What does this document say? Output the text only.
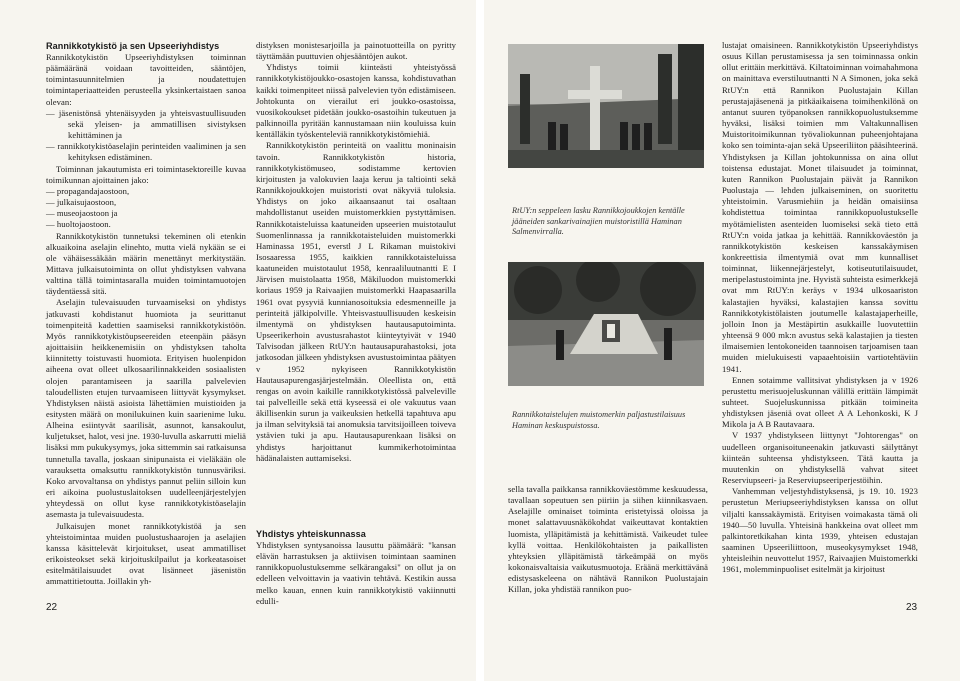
Rannikkotykistö ja sen Upseeriyhdistys

Rannikkotykistön Upseeriyhdistyksen toiminnan päämääränä voidaan tavoitteiden, sääntöjen, toimintasuunnitelmien ja noudatettujen toimintaperiaatteiden perusteella yksinkertaistaen sanoa olevan:

— jäsenistönsä yhtenäisyyden ja yhteisvastuullisuuden sekä yleisen- ja ammatillisen sivistyksen kehittäminen ja
— rannikkotykistöaselajin perinteiden vaaliminen ja sen kehityksen edistäminen.

Toiminnan jakautumista eri toimintasektoreille kuvaa toimikunnan ajoittainen jako:

— propagandajaostoon,
— julkaisujaostoon,
— museojaostoon ja
— huoltojaostoon.

Rannikkotykistön tunnetuksi tekeminen oli etenkin alkuaikoina aselajin elinehto, mutta vielä nykään se ei ole vähäisessäkään määrin menettänyt merkitystään. Mittava julkaisutoiminta on ollut yhdistyksen vahvana valttina tällä toimintasaralla muiden toimintamuotojen täydentäessä sitä.

Aselajin tulevaisuuden turvaamiseksi on yhdistys jatkuvasti kohdistanut huomiota ja seurittanut toimenpiteitä kadettien saamiseksi rannikkotykistöön. Myös rannikkotykistöupseereiden eteenpäin pääsyn ajoittaisiin heikkenemisiin on yhdistyksen taholta kiinnitetty toistuvasti huomiota. Erityisen huolenpidon aiheena ovat olleet ulkosaarilinnakkeiden sosiaalisten olojen parantamiseen ja saarilla palvelevien taloudellisten etujen turvaamiseen liittyvät kysymykset. Yhdistyksen näistä asioista lähettämien muistioiden ja esitysten määrä on monilukuinen kuin saarienime luku. Alheina esiintyvät saarilisät, asunnot, kansakoulut, kuljetukset, halot, vesi jne. 1930-luvulla askarrutti mieliä lisäksi mm pukukysymys, joka sittemmin sai ratkaisunsa tunnetulla tavalla, joskaan sinipunaista ei vieläkään ole varauksetta omaksuttu rannikkotykistön tunnusväriksi. Koko arvovaltansa on yhdistys pannut peliin silloin kun eri aikoina puolustuslaitoksen uudelleenjärjestelyjen yhteydessä on ollut kyse rannikkotykistöaselajin asemasta ja tulevaisuudesta.

Julkaisujen monet rannikkotykistöä ja sen yhteistoimintaa muiden puolustushaarojen ja aselajien kanssa käsittelevät kirjoitukset, useat ammatilliset erikoisteokset sekä kirjoituskilpailut ja korkeatasoiset esitelmätilaisuudet ovat lisänneet jäsenistön ammattitietoutta. Joillakin yh-

distyksen monistesarjoilla ja painotuotteilla on pyritty täyttämään puuttuvien ohjesääntöjen aukot.

Yhdistys toimii kiinteästi yhteistyössä rannikkotykistöjoukko-osastojen kanssa, kohdistuvathan kaikki toimenpiteet niissä palvelevien työn edistämiseen. Johtokunta on vierailut eri joukko-osastoissa, vuosikokoukset pidetään joukko-osastoihin tukeutuen ja palkinnoilla pyritään kannustamaan niin kouluissa kuin kentälläkin työskenteleviä rannikkotykistömiehiä.

Rannikkotykistön perinteitä on vaalittu moninaisin tavoin. Rannikkotykistön historia, rannikkotykistömuseo, sodistamme kertovien kirjoitusten ja valokuvien laaja keruu ja taltiointi sekä Rannikkojoukkojen muistoristi ovat näkyviä tuloksia. Yhdistys on joko aikaansaanut tai osaltaan mahdollistanut useiden muistomerkkien pystyttämisen. Rannikkotaisteluissa kaatuneiden upseerien muistotaulut Suomenlinnassa ja rannikkotaisteluiden muistomerkki Haminassa 1951, everstl J L Rikaman muistokivi Isosaaressa 1955, kaikkien rannikkotaisteluissa kaatuneiden muistotaulut 1958, kenraaliluutnantti E I Järvisen muistolaatta 1958, Mäkiluodon muistomerkki koriaus 1959 ja Raivaajien muistomerkki Haapasaarilla 1961 ovat pysyviä kunnianosoituksia edesmenneille ja perinteitä jälkipolville. Yhteisvastuullisuuden keskeisin ilmentymä on yhdistyksen hautausaputoiminta. Upseerikerhoin avustusrahastot kiinteytyivät v 1940 Talvisodan jälkeen RtUY:n hautausapurahastoksi, jota jatkosodan jälkeen yhdistyksen avustustoimintaa päätyen v 1952 nykyiseen Rannikkotykistön Hautausapurengasjärjestelmään. Oleellista on, että rengas on avoin kaikille rannikkotykistössä palveleville tai palvelleille sekä että kyseessä ei ole vakuutus vaan äkillisenkin surun ja vaikeuksien hetkellä tapahtuva apu ja ilman selvityksiä tai anomuksia tarvitsijoilleen toiveva ystävien tuki ja apu. Hautausapurenkaan lisäksi on yhdistys harjoittanut kummikerhotoimintaa hädänalaisten auttamiseksi.

Yhdistys yhteiskunnassa

Yhdistyksen syntysanoissa lausuttu päämäärä: "kansan elävän harrastuksen ja aktiivisen toimintaan saaminen rannikkopuolustuksemme selkärangaksi" on ollut ja on edelleen velvoittavin ja vaativin tehtävä. Kestikin aussa melko kauan, ennen kuin rannikkotykistö vakiinnutti edulli-

22
RtUY:n seppeleen lasku Rannikkojoukkojen kentälle jääneiden sankarivainajien muistoristillä Haminan Salmenvirralla.
Rannikkotaistelujen muistomerkin paljastustilaisuus Haminan keskuspuistossa.

sella tavalla paikkansa rannikkoväestömme keskuudessa, tavallaan sopeutuen sen piiriin ja siihen kiinnikasvaen. Aselajille ominaiset toiminta eristetyissä oloissa ja monet salattavuusnäkökohdat vaikeuttavat kontaktien luomista, ylläpitämistä ja kehittämistä. Vaikeudet tulee kyllä voittaa. Henkilökohtaisten ja paikallisten yhteyksien ylläpitämistä tärkeämpää on myös kokonaisvaltaisia vaikutusmuotoja. Eräänä merkittävänä edistysaskeleena on nähtävä Rannikon Puolustajain Killan, joka yhdistää rannikon puo-

lustajat omaisineen. Rannikkotykistön Upseeriyhdistys osuus Killan perustamisessa ja sen toiminnassa onkin ollut erittäin merkittävä. Kiltatoiminnan voimahahmona on mainittava everstiluutnantti N A Simonen, joka sekä RtUY:n että Rannikon Puolustajain Killan perustajajäsenenä ja pitkäaikaisena toimihenkilönä on antanut suuren työpanoksen rannikkopuolustuksemme hyväksi, lisäksi toimien mm Valtakunnallisen Muistoritoimikunnan työvaliokunnan puheenjohtajana koko sen toiminta-ajan sekä Upseeriliiton pääsihteerinä. Yhdistyksen ja Killan johtokunnissa on aina ollut toistensa edustajat. Monet tilaisuudet ja toiminnat, kuten Rannikon Puolustajain päivät ja Rannikon Puolustaja — lehden julkaiseminen, on suoritettu yhteistoimin. Varusmiehiin ja heidän omaisiinsa kohdistettua toimintaa rannikkopuolustukselle myötämielisten asenteiden luomiseksi sekä tieto että RtUY:n voida jatkaa ja kehittää. Rannikkoväestön ja rannikkotykistön keskeisen kanssakäymisen konkreettisia ilmentymiä ovat mm kunnalliset toiminnat, liikennejärjestelyt, kotiseututilaisuudet, meripelastustoiminta jne. Hyvistä suhteista esimerkkejä ovat mm RtUY:n keräys v 1934 ulkosaariston kalastajien hyväksi, kalastajien kanssa sovittu Rannikkotykistölaisten joutumelle kalastajaperheille, jolloin Inon ja Mestäpirtin asukkaille luovutettiin yhteensä 9 000 mk:n avustus sekä kalastajien ja tiesten ilmaisemien lentokoneiden taannoisen tarjoamisen taan muiden mielukuisesti vapaaehtoisiin vartiotehtäviin 1941.

Ennen sotaimme vallitsivat yhdistyksen ja v 1926 perustettu merisuojeluskunnan välillä erittäin lämpimät suhteet. Suojeluskunnissa pitkään toimineita yhdistyksen jäseniä ovat olleet A A Lehonkoski, K J Mikola ja A B Rautavaara.

V 1937 yhdistykseen liittynyt "Johtorengas" on uudelleen organisoituneenakin jatkuvasti säilyttänyt kiinteän suhteensa yhdistykseen. Tätä kautta ja muutenkin on yhdistyksellä vahvat siteet Reserviupseeri- ja Reserviupseeriperjestöihin.

Vanhemman veljestyhdistyksensä, js 19. 10. 1923 perustetun Meriupseeriyhdistyksen kanssa on ollut viljalti kanssakäymistä. Erityisen voimakasta tämä oli 1940—50 luvulla. Yhteisinä hankkeina ovat olleet mm palkintoretkikahan kinta 1939, yhteisen edustajan saaminen Upseeriliittoon, museokysymykset 1948, yhteisleihin neuvottelut 1957, Raivaajien Muistomerkki 1961, molemminpuoliset esitelmät ja kirjoitust

23
